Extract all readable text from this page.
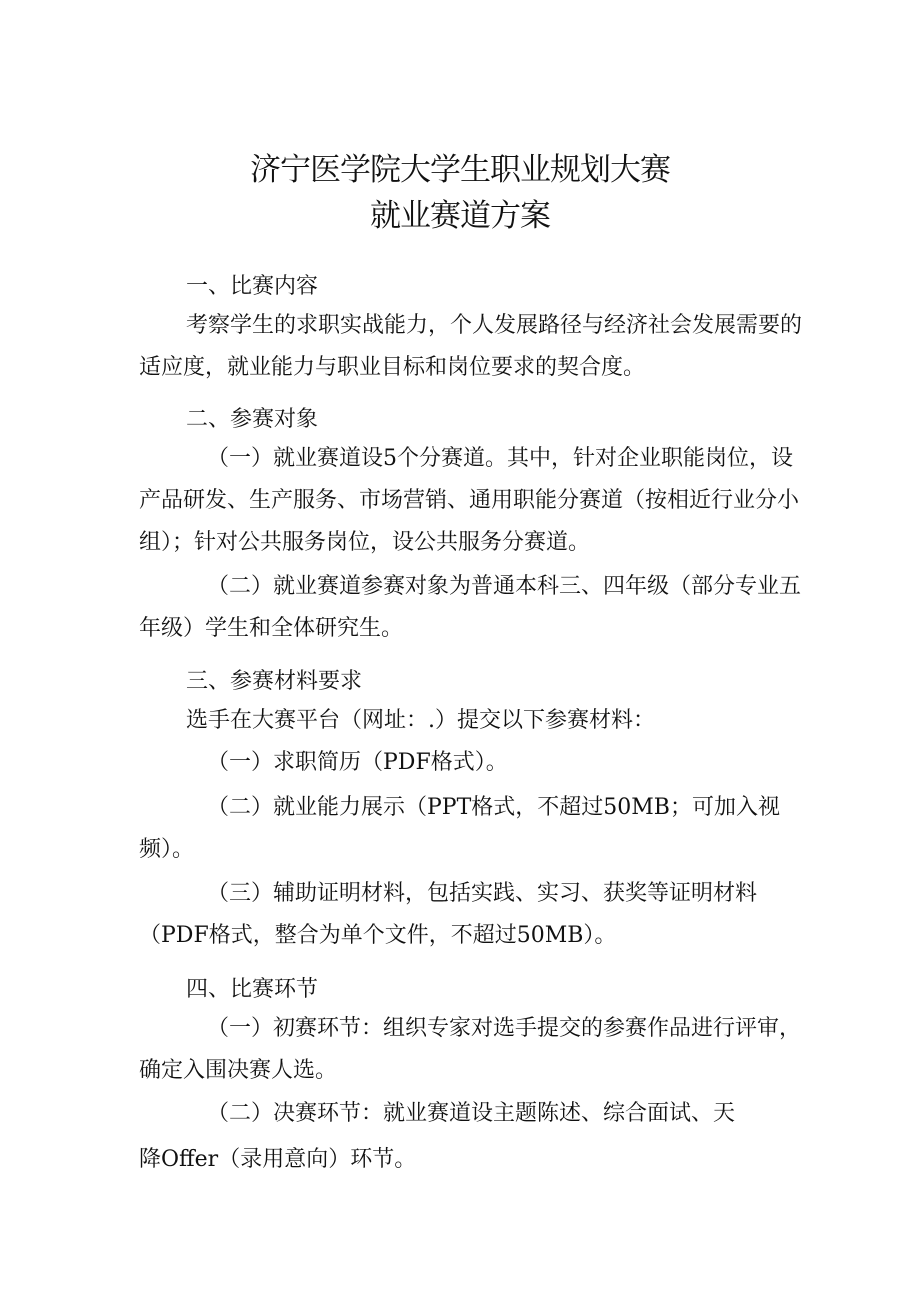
济宁医学院大学生职业规划大赛
就业赛道方案
一、比赛内容
考察学生的求职实战能力，个人发展路径与经济社会发展需要的适应度，就业能力与职业目标和岗位要求的契合度。
二、参赛对象
（一）就业赛道设5个分赛道。其中，针对企业职能岗位，设产品研发、生产服务、市场营销、通用职能分赛道（按相近行业分小组）；针对公共服务岗位，设公共服务分赛道。
（二）就业赛道参赛对象为普通本科三、四年级（部分专业五年级）学生和全体研究生。
三、参赛材料要求
选手在大赛平台（网址：.）提交以下参赛材料：
（一）求职简历（PDF格式）。
（二）就业能力展示（PPT格式，不超过50MB；可加入视频）。
（三）辅助证明材料，包括实践、实习、获奖等证明材料（PDF格式，整合为单个文件，不超过50MB）。
四、比赛环节
（一）初赛环节：组织专家对选手提交的参赛作品进行评审，确定入围决赛人选。
（二）决赛环节：就业赛道设主题陈述、综合面试、天
降Offer（录用意向）环节。
